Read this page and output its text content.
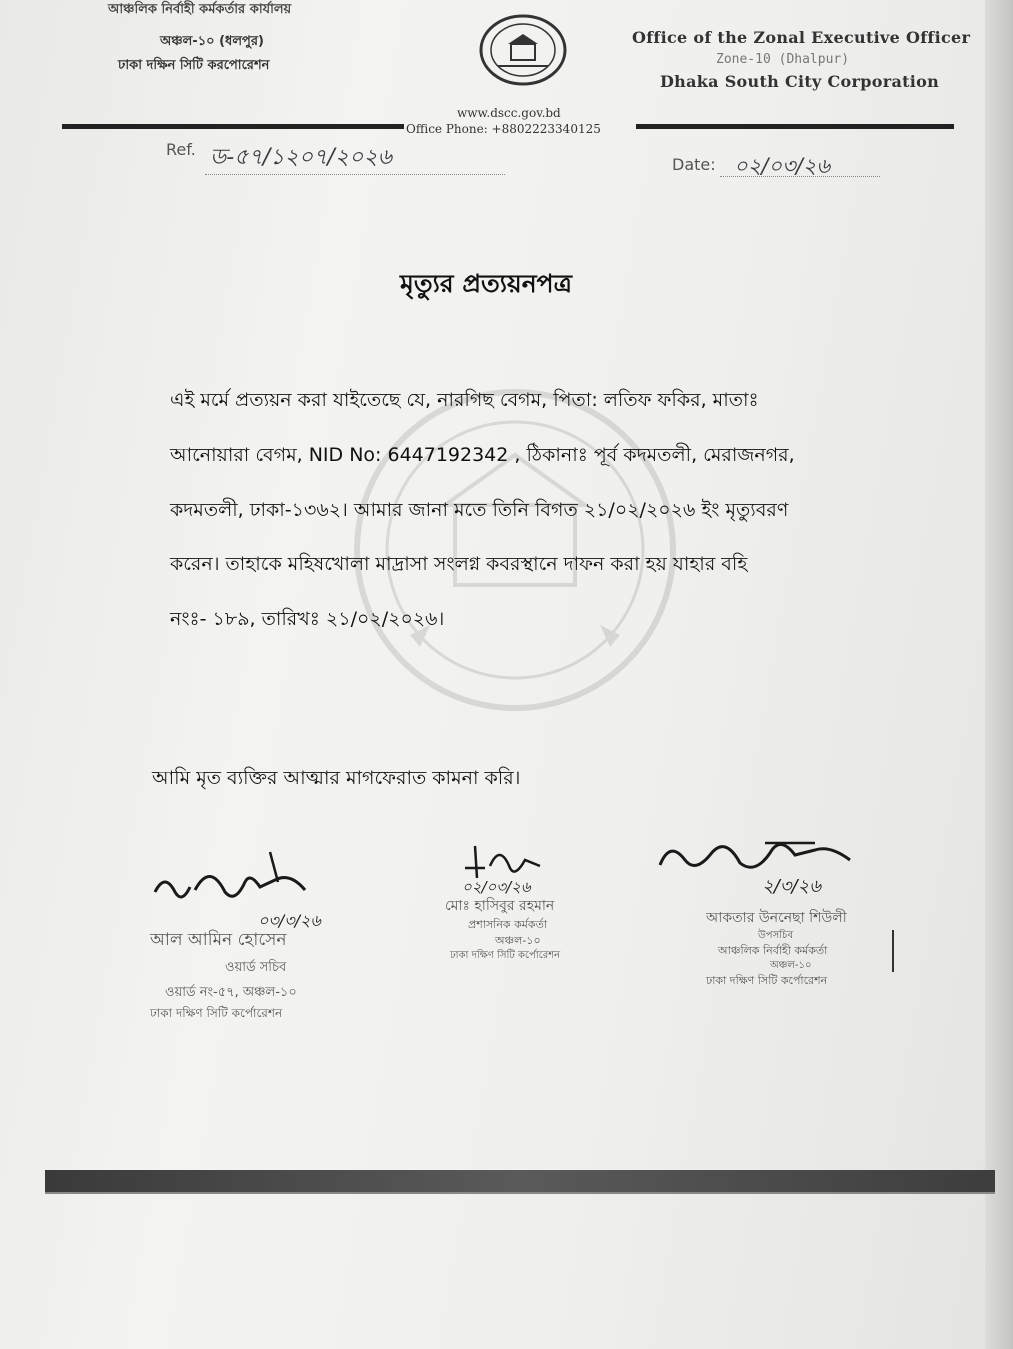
আঞ্চলিক নির্বাহী কর্মকর্তার কার্যালয়
অঞ্চল-১০ (ধলপুর)
ঢাকা দক্ষিন সিটি করপোরেশন
Office of the Zonal Executive Officer
Zone-10 (Dhalpur)
Dhaka South City Corporation
www.dscc.gov.bd
Office Phone: +8802223340125
Ref. ড-৫৭/১২০৭/২০২৬	Date: ০২/০৩/২৬
মৃত্যুর প্রত্যয়নপত্র
এই মর্মে প্রত্যয়ন করা যাইতেছে যে, নারগিছ বেগম, পিতা: লতিফ ফকির, মাতাঃ
আনোয়ারা বেগম, NID No: 6447192342 , ঠিকানাঃ পূর্ব কদমতলী, মেরাজনগর,
কদমতলী, ঢাকা-১৩৬২। আমার জানা মতে তিনি বিগত ২১/০২/২০২৬ ইং মৃত্যুবরণ
করেন। তাহাকে মহিষখোলা মাদ্রাসা সংলগ্ন কবরস্থানে দাফন করা হয় যাহার বহি
নংঃ- ১৮৯, তারিখঃ ২১/০২/২০২৬।
আমি মৃত ব্যক্তির আত্মার মাগফেরাত কামনা করি।
০৩/৩/২৬
আল আমিন হোসেন
ওয়ার্ড সচিব
ওয়ার্ড নং-৫৭, অঞ্চল-১০
ঢাকা দক্ষিণ সিটি কর্পোরেশন
০২/০৩/২৬
মোঃ হাসিবুর রহমান
প্রশাসনিক কর্মকর্তা
অঞ্চল-১০
ঢাকা দক্ষিণ সিটি কর্পোরেশন
২/৩/২৬
আকতার উননেছা শিউলী
উপসচিব
আঞ্চলিক নির্বাহী কর্মকর্তা
অঞ্চল-১০
ঢাকা দক্ষিণ সিটি কর্পোরেশন
